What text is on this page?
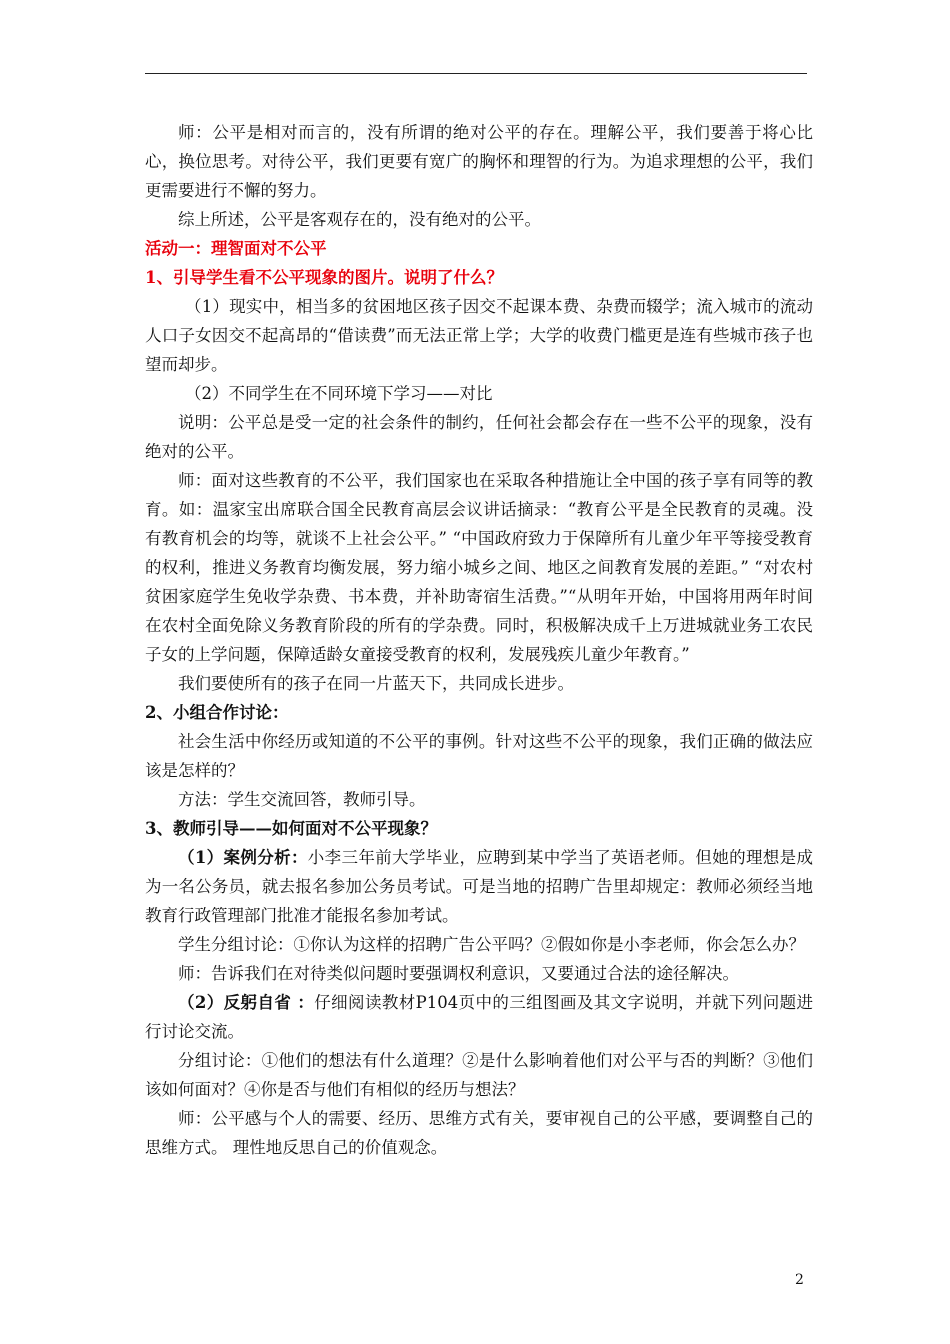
师：公平是相对而言的，没有所谓的绝对公平的存在。理解公平，我们要善于将心比心，换位思考。对待公平，我们更要有宽广的胸怀和理智的行为。为追求理想的公平，我们更需要进行不懈的努力。

综上所述，公平是客观存在的，没有绝对的公平。

活动一：理智面对不公平

1、引导学生看不公平现象的图片。说明了什么？

（1）现实中，相当多的贫困地区孩子因交不起课本费、杂费而辍学；流入城市的流动人口子女因交不起高昂的“借读费”而无法正常上学；大学的收费门槛更是连有些城市孩子也望而却步。

（2）不同学生在不同环境下学习——对比

说明：公平总是受一定的社会条件的制约，任何社会都会存在一些不公平的现象，没有绝对的公平。

师：面对这些教育的不公平，我们国家也在采取各种措施让全中国的孩子享有同等的教育。如：温家宝出席联合国全民教育高层会议讲话摘录：“教育公平是全民教育的灵魂。没有教育机会的均等，就谈不上社会公平。” “中国政府致力于保障所有儿童少年平等接受教育的权利，推进义务教育均衡发展，努力缩小城乡之间、地区之间教育发展的差距。” “对农村贫困家庭学生免收学杂费、书本费，并补助寄宿生活费。”“从明年开始，中国将用两年时间在农村全面免除义务教育阶段的所有的学杂费。同时，积极解决成千上万进城就业务工农民子女的上学问题，保障适龄女童接受教育的权利，发展残疾儿童少年教育。”

我们要使所有的孩子在同一片蓝天下，共同成长进步。

2、小组合作讨论：

社会生活中你经历或知道的不公平的事例。针对这些不公平的现象，我们正确的做法应该是怎样的？

方法：学生交流回答，教师引导。

3、教师引导——如何面对不公平现象？

（1）案例分析：小李三年前大学毕业，应聘到某中学当了英语老师。但她的理想是成为一名公务员，就去报名参加公务员考试。可是当地的招聘广告里却规定：教师必须经当地教育行政管理部门批准才能报名参加考试。

学生分组讨论：①你认为这样的招聘广告公平吗？②假如你是小李老师，你会怎么办？

师：告诉我们在对待类似问题时要强调权利意识，又要通过合法的途径解决。

（2）反躬自省 ：仔细阅读教材P104页中的三组图画及其文字说明，并就下列问题进行讨论交流。

分组讨论：①他们的想法有什么道理？②是什么影响着他们对公平与否的判断？③他们该如何面对？④你是否与他们有相似的经历与想法？

师：公平感与个人的需要、经历、思维方式有关，要审视自己的公平感，要调整自己的思维方式。 理性地反思自己的价值观念。

2
